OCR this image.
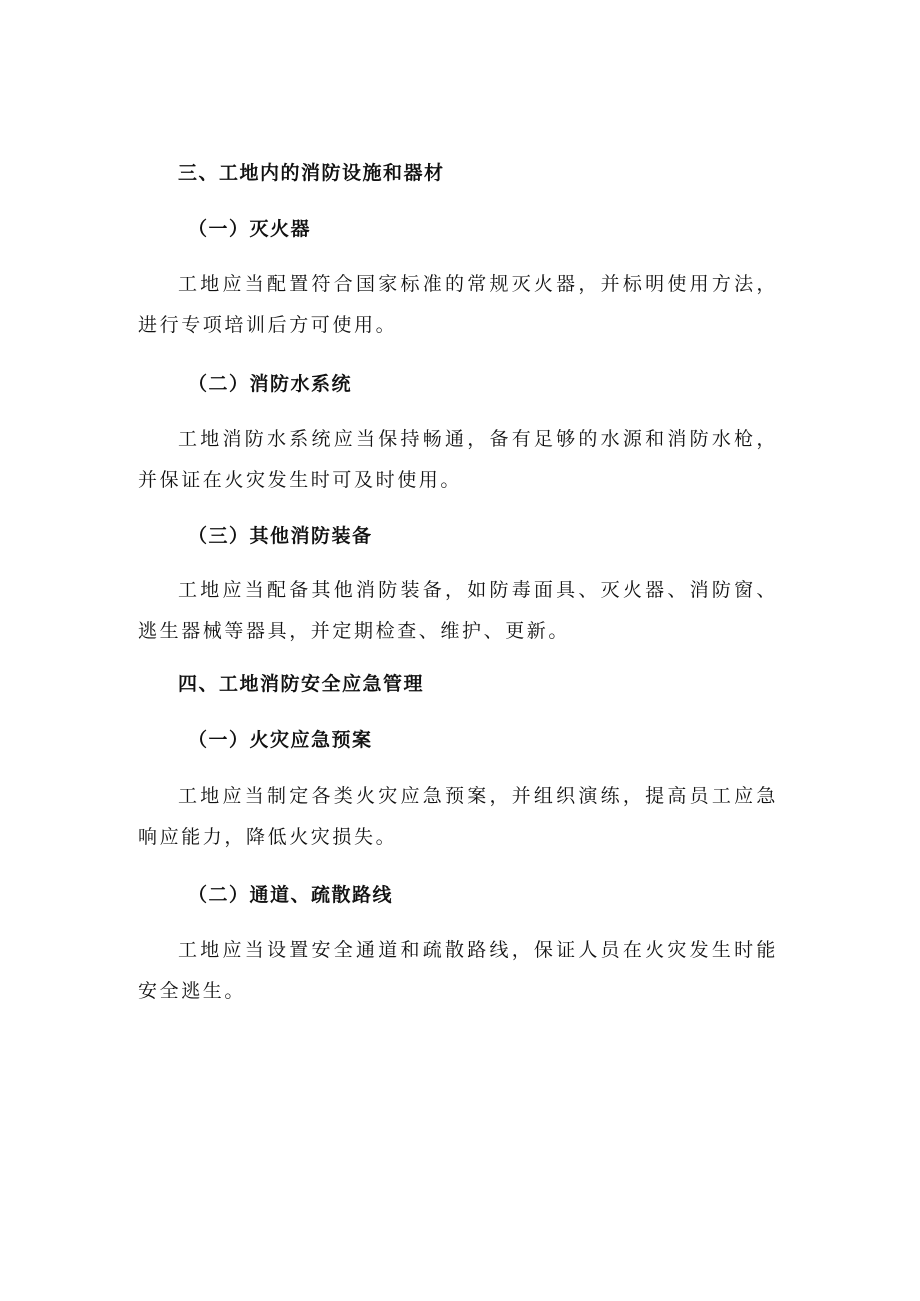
三、工地内的消防设施和器材
（一）灭火器
工地应当配置符合国家标准的常规灭火器，并标明使用方法，进行专项培训后方可使用。
（二）消防水系统
工地消防水系统应当保持畅通，备有足够的水源和消防水枪，并保证在火灾发生时可及时使用。
（三）其他消防装备
工地应当配备其他消防装备，如防毒面具、灭火器、消防窗、逃生器械等器具，并定期检查、维护、更新。
四、工地消防安全应急管理
（一）火灾应急预案
工地应当制定各类火灾应急预案，并组织演练，提高员工应急响应能力，降低火灾损失。
（二）通道、疏散路线
工地应当设置安全通道和疏散路线，保证人员在火灾发生时能安全逃生。
